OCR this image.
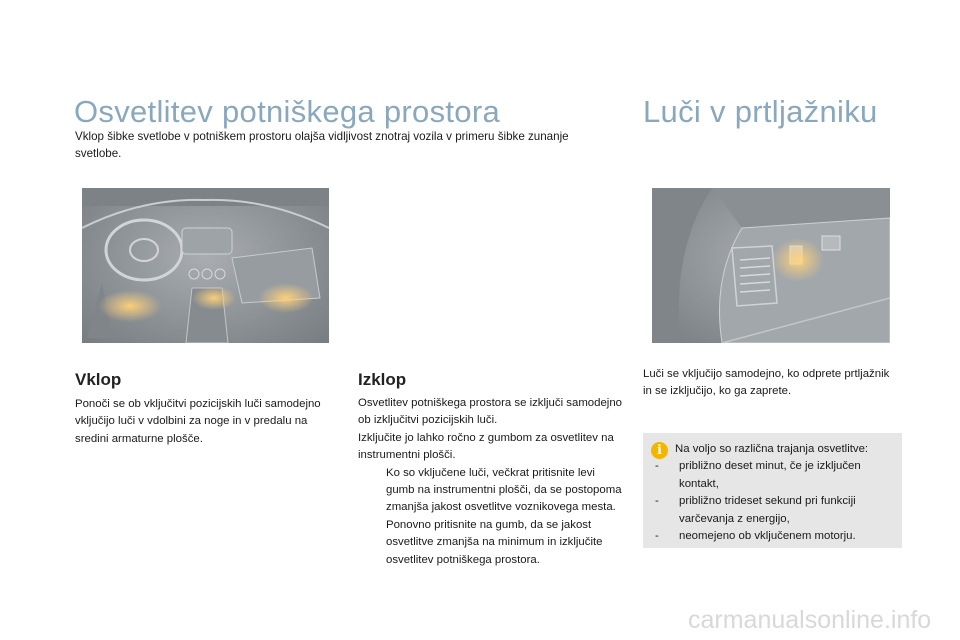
Osvetlitev potniškega prostora
Vklop šibke svetlobe v potniškem prostoru olajša vidljivost znotraj vozila v primeru šibke zunanje svetlobe.
Luči v prtljažniku
Vklop
Ponoči se ob vključitvi pozicijskih luči samodejno vključijo luči v vdolbini za noge in v predalu na sredini armaturne plošče.
Izklop
Osvetlitev potniškega prostora se izključi samodejno ob izključitvi pozicijskih luči.
Izključite jo lahko ročno z gumbom za osvetlitev na instrumentni plošči.
Ko so vključene luči, večkrat pritisnite levi gumb na instrumentni plošči, da se postopoma zmanjša jakost osvetlitve voznikovega mesta.
Ponovno pritisnite na gumb, da se jakost osvetlitve zmanjša na minimum in izključite osvetlitev potniškega prostora.
Luči se vključijo samodejno, ko odprete prtljažnik in se izključijo, ko ga zaprete.
i	Na voljo so različna trajanja osvetlitve:
-	približno deset minut, če je izključen kontakt,
-	približno trideset sekund pri funkciji varčevanja z energijo,
-	neomejeno ob vključenem motorju.
carmanualsonline.info
